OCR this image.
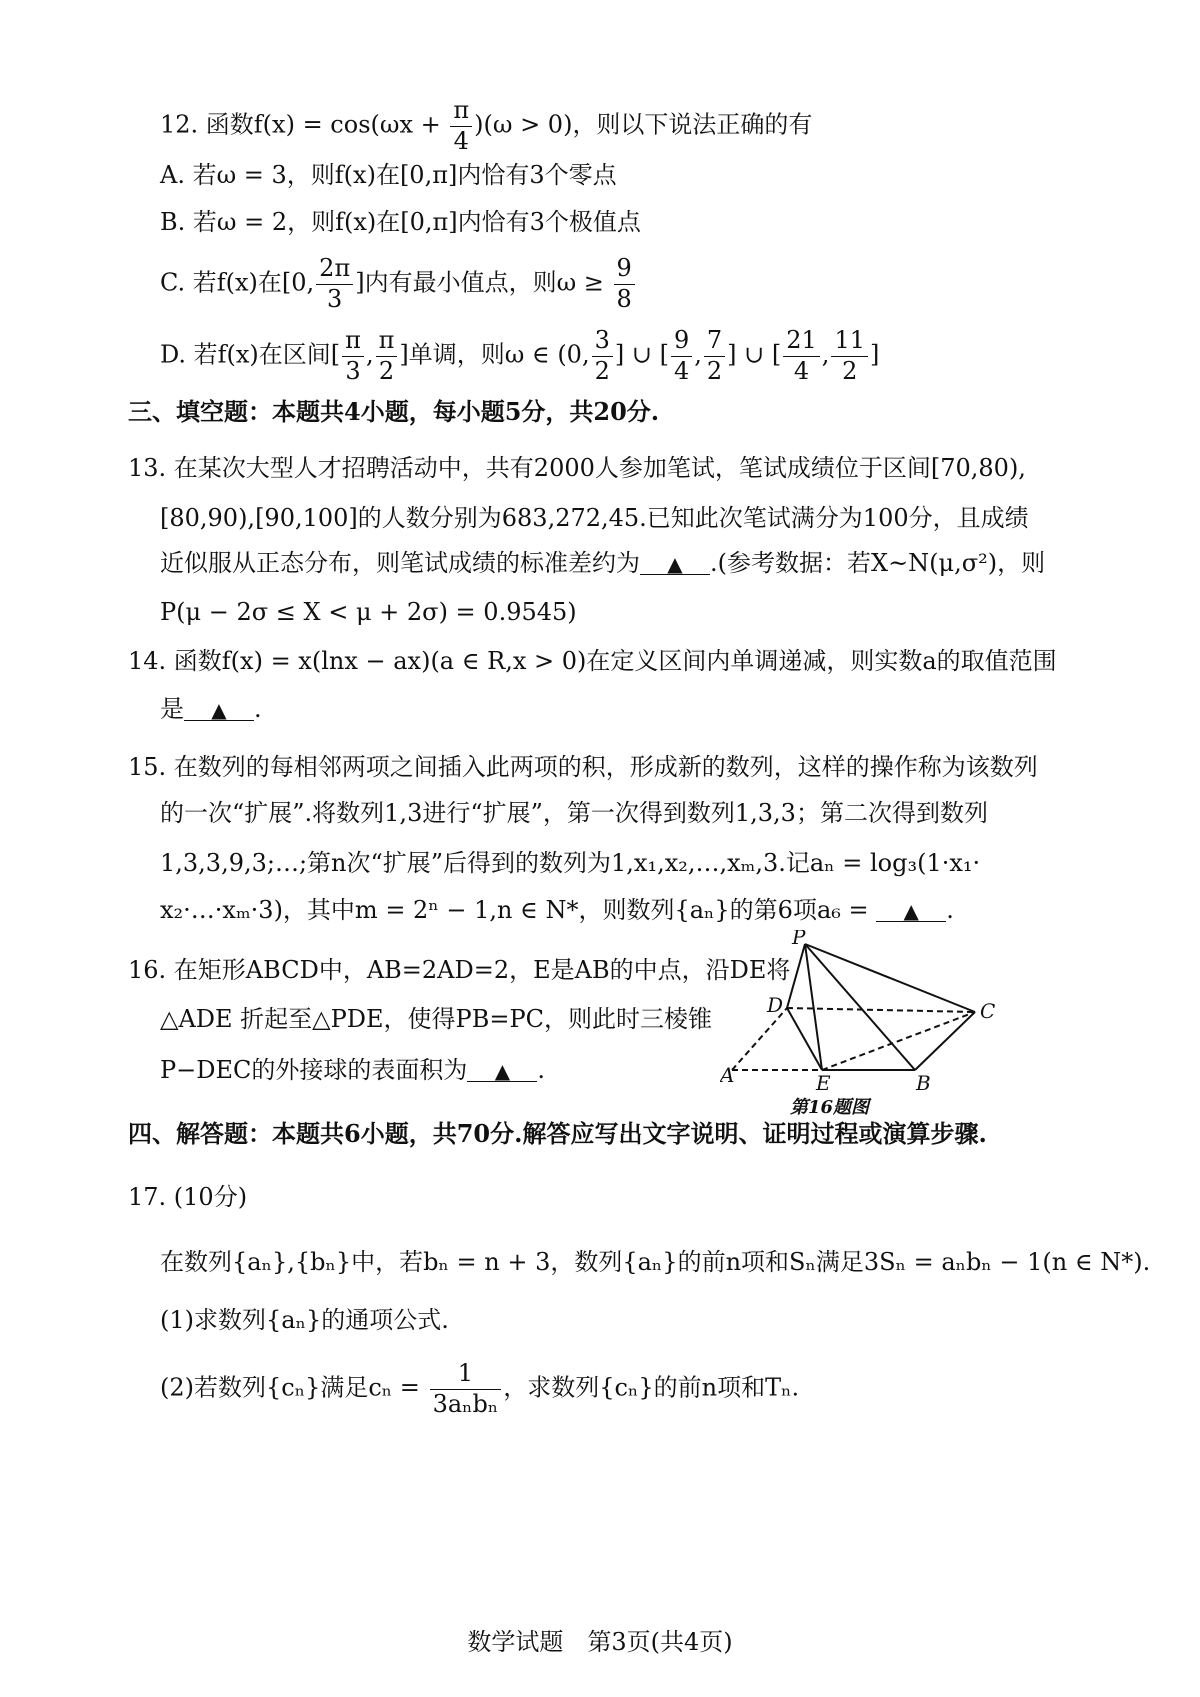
12. 函数$f(x) = \cos(\omega x + \frac{\pi}{4} )(\omega > 0)$，则以下说法正确的有
A. 若ω = 3，则f(x)在[0,π]内恰有3个零点
B. 若ω = 2，则f(x)在[0,π]内恰有3个极值点
C. 若f(x)在[0, $\frac{2\pi}{3}$ ]内有最小值点，则$\omega \ge \frac{9}{8}$
D. 若f(x)在区间[ $\frac{\pi}{3}$ , $\frac{\pi}{2}$ ]单调，则ω ∈ (0, $\frac{3}{2}$ ] ∪ [ $\frac{9}{4}$ , $\frac{7}{2}$ ] ∪ [ $\frac{21}{4}$ , $\frac{11}{2}$ ]
三、填空题：本题共4小题，每小题5分，共20分.
13. 在某次大型人才招聘活动中，共有2000人参加笔试，笔试成绩位于区间[70,80),
[80,90),[90,100]的人数分别为683,272,45.已知此次笔试满分为100分，且成绩
近似服从正态分布，则笔试成绩的标准差约为 ▲ .(参考数据：若X~N(μ,σ²)，则
P(μ − 2σ ≤ X < μ + 2σ) = 0.9545)
14. 函数f(x) = x(lnx − ax)(a ∈ R,x > 0)在定义区间内单调递减，则实数a的取值范围
是 ▲ .
15. 在数列的每相邻两项之间插入此两项的积，形成新的数列，这样的操作称为该数列
的一次“扩展”.将数列1,3进行“扩展”，第一次得到数列1,3,3；第二次得到数列
1,3,3,9,3;…;第n次“扩展”后得到的数列为1,x₁,x₂,…,xₘ,3.记aₙ = log₃(1·x₁·
x₂·…·xₘ·3)，其中m = 2ⁿ − 1,n ∈ N*，则数列{aₙ}的第6项a₆ = ▲ .
16. 在矩形ABCD中，AB=2AD=2，E是AB的中点，沿DE将
△ADE 折起至△PDE，使得PB=PC，则此时三棱锥
P−DEC的外接球的表面积为 ▲ .
P
D	C
A	E	B
第16题图
四、解答题：本题共6小题，共70分.解答应写出文字说明、证明过程或演算步骤.
17. (10分)
在数列{aₙ},{bₙ}中，若bₙ = n + 3，数列{aₙ}的前n项和Sₙ满足3Sₙ = aₙbₙ − 1(n ∈ N*).
(1)求数列{aₙ}的通项公式.
(2)若数列{cₙ}满足$c_n = \frac{1}{\text{3aₙbₙ}}$ ，求数列{cₙ}的前n项和Tₙ.
数学试题　第3页(共4页)
